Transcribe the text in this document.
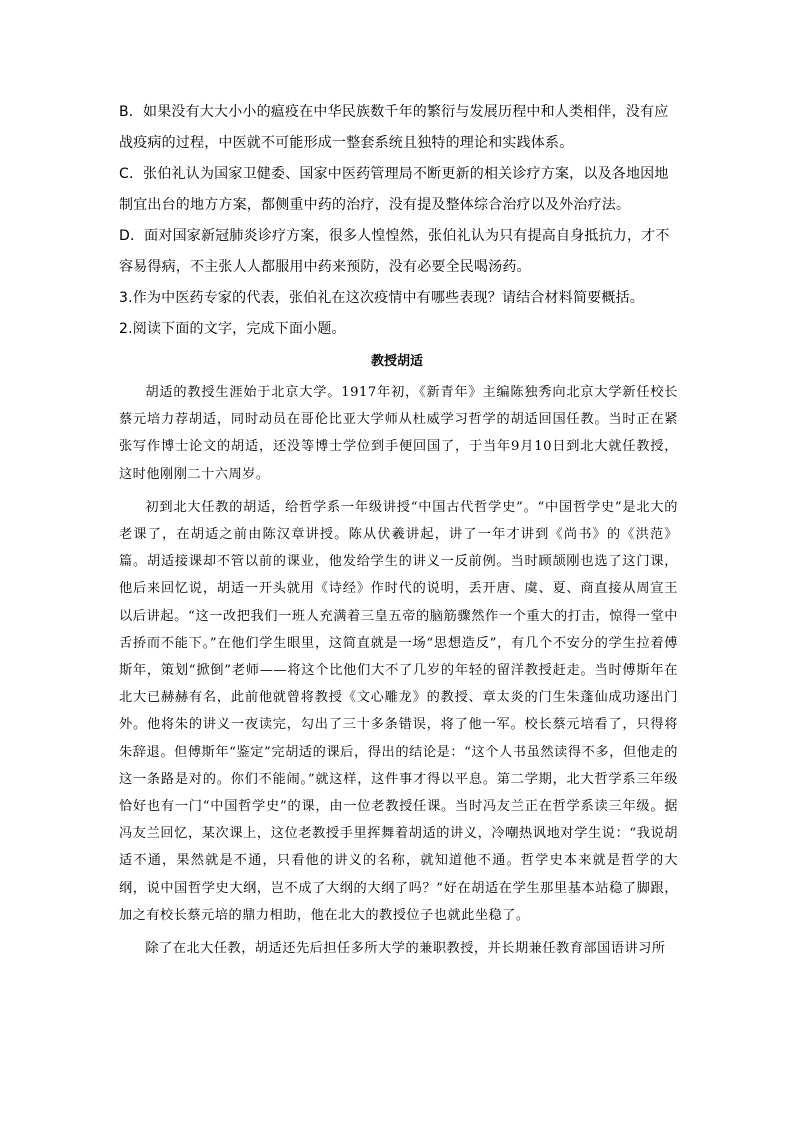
B．如果没有大大小小的瘟疫在中华民族数千年的繁衍与发展历程中和人类相伴，没有应战疫病的过程，中医就不可能形成一整套系统且独特的理论和实践体系。

C．张伯礼认为国家卫健委、国家中医药管理局不断更新的相关诊疗方案，以及各地因地制宜出台的地方方案，都侧重中药的治疗，没有提及整体综合治疗以及外治疗法。

D．面对国家新冠肺炎诊疗方案，很多人惶惶然，张伯礼认为只有提高自身抵抗力，才不容易得病，不主张人人都服用中药来预防，没有必要全民喝汤药。

3.作为中医药专家的代表，张伯礼在这次疫情中有哪些表现？请结合材料简要概括。

2.阅读下面的文字，完成下面小题。

教授胡适

胡适的教授生涯始于北京大学。1917年初，《新青年》主编陈独秀向北京大学新任校长蔡元培力荐胡适，同时动员在哥伦比亚大学师从杜威学习哲学的胡适回国任教。当时正在紧张写作博士论文的胡适，还没等博士学位到手便回国了，于当年9月10日到北大就任教授，这时他刚刚二十六周岁。

初到北大任教的胡适，给哲学系一年级讲授“中国古代哲学史”。“中国哲学史”是北大的老课了，在胡适之前由陈汉章讲授。陈从伏羲讲起，讲了一年才讲到《尚书》的《洪范》篇。胡适接课却不管以前的课业，他发给学生的讲义一反前例。当时顾颉刚也选了这门课，他后来回忆说，胡适一开头就用《诗经》作时代的说明，丢开唐、虞、夏、商直接从周宣王以后讲起。“这一改把我们一班人充满着三皇五帝的脑筋骤然作一个重大的打击，惊得一堂中舌挢而不能下。”在他们学生眼里，这简直就是一场“思想造反”，有几个不安分的学生拉着傅斯年，策划“掀倒”老师——将这个比他们大不了几岁的年轻的留洋教授赶走。当时傅斯年在北大已赫赫有名，此前他就曾将教授《文心雕龙》的教授、章太炎的门生朱蓬仙成功逐出门外。他将朱的讲义一夜读完，勾出了三十多条错误，将了他一军。校长蔡元培看了，只得将朱辞退。但傅斯年“鉴定”完胡适的课后，得出的结论是：“这个人书虽然读得不多，但他走的这一条路是对的。你们不能闹。”就这样，这件事才得以平息。第二学期，北大哲学系三年级恰好也有一门“中国哲学史”的课，由一位老教授任课。当时冯友兰正在哲学系读三年级。据冯友兰回忆，某次课上，这位老教授手里挥舞着胡适的讲义，冷嘲热讽地对学生说：“我说胡适不通，果然就是不通，只看他的讲义的名称，就知道他不通。哲学史本来就是哲学的大纲，说中国哲学史大纲，岂不成了大纲的大纲了吗？”好在胡适在学生那里基本站稳了脚跟，加之有校长蔡元培的鼎力相助，他在北大的教授位子也就此坐稳了。

除了在北大任教，胡适还先后担任多所大学的兼职教授，并长期兼任教育部国语讲习所
